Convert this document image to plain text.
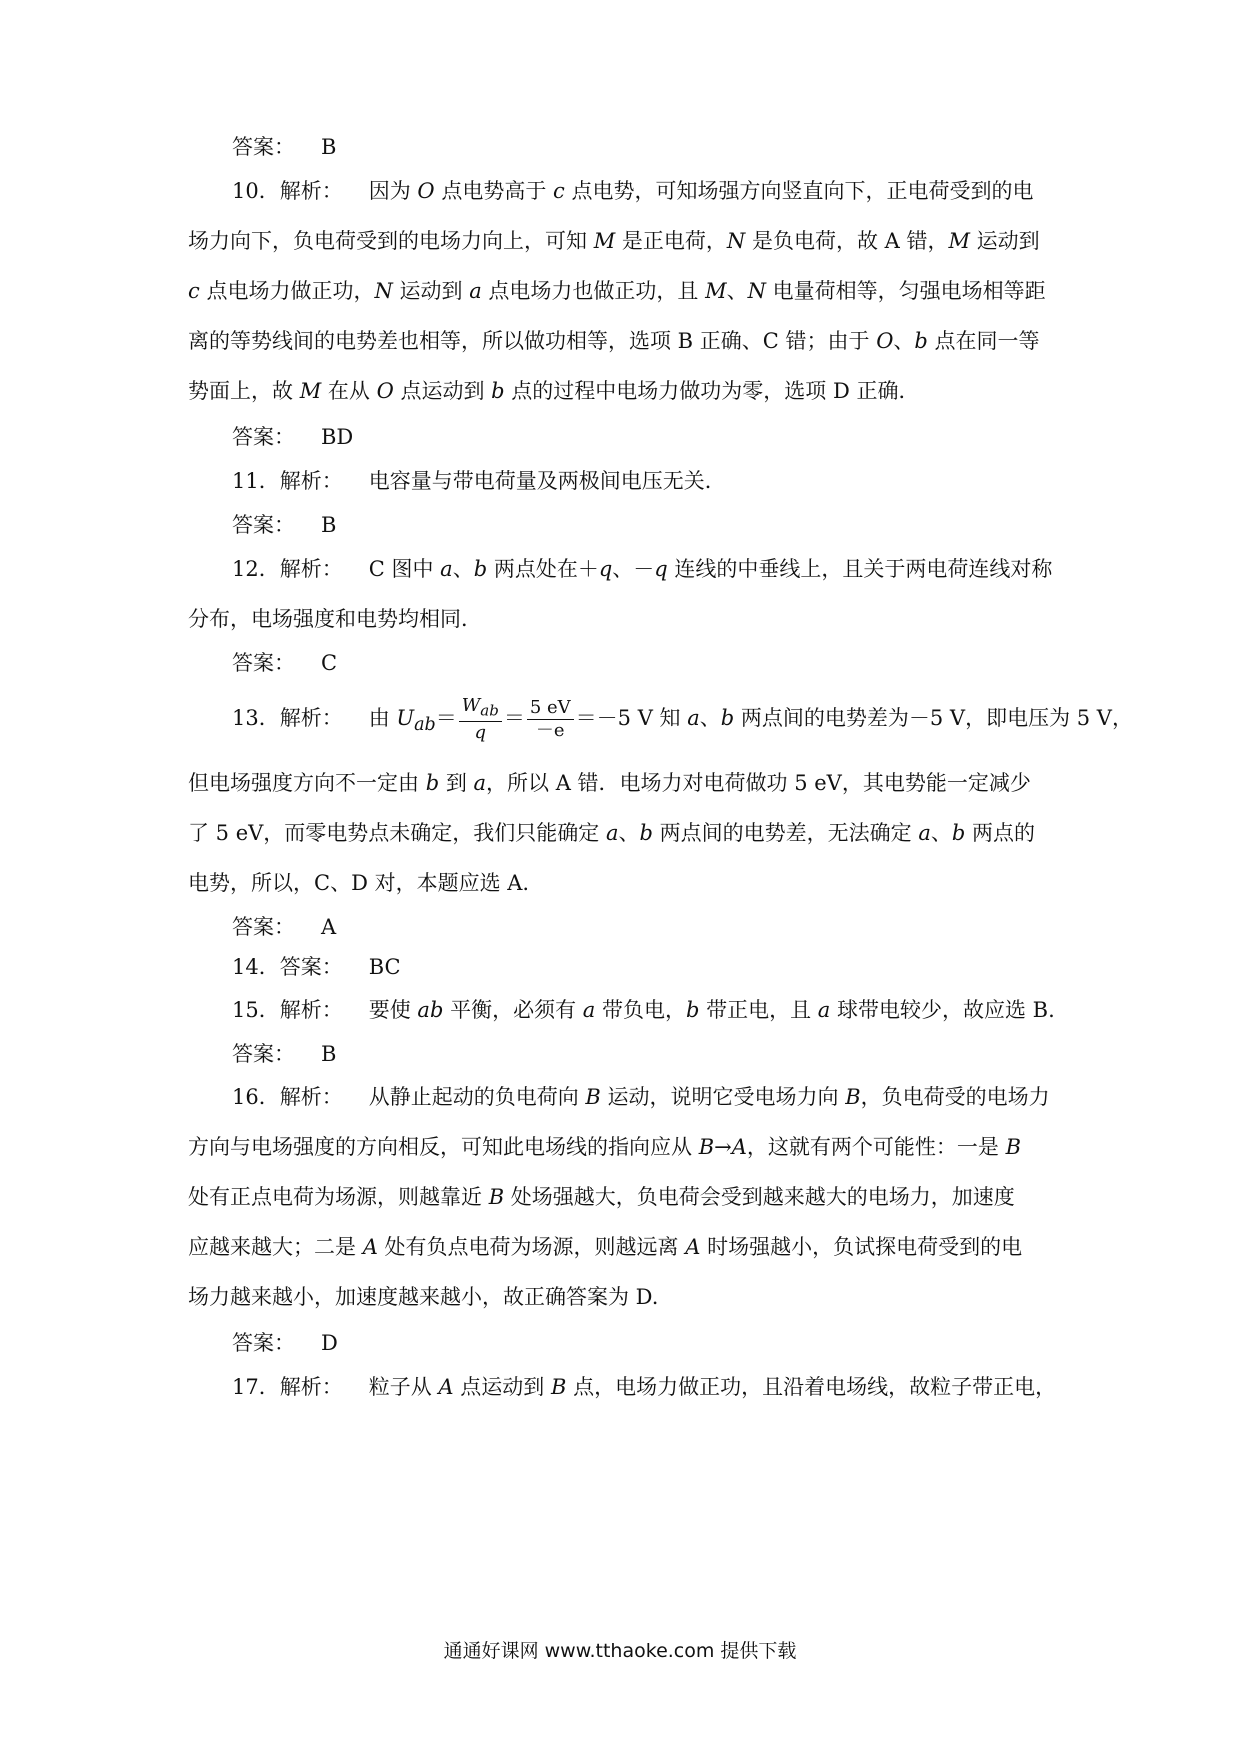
答案： B
10．解析： 因为 O 点电势高于 c 点电势，可知场强方向竖直向下，正电荷受到的电
场力向下，负电荷受到的电场力向上，可知 M 是正电荷，N 是负电荷，故 A 错，M 运动到
c 点电场力做正功，N 运动到 a 点电场力也做正功，且 M、N 电量荷相等，匀强电场相等距
离的等势线间的电势差也相等，所以做功相等，选项 B 正确、C 错；由于 O、b 点在同一等
势面上，故 M 在从 O 点运动到 b 点的过程中电场力做功为零，选项 D 正确．
答案： BD
11．解析： 电容量与带电荷量及两极间电压无关．
答案： B
12．解析： C 图中 a、b 两点处在＋q、－q 连线的中垂线上，且关于两电荷连线对称
分布，电场强度和电势均相同．
答案： C
13．解析： 由 $U_{ab}= \frac{W_{ab}}{q} = \frac{5 eV}{-e} =-5$ V 知 a、b 两点间的电势差为－5 V，即电压为 5 V，
但电场强度方向不一定由 b 到 a，所以 A 错．电场力对电荷做功 5 eV，其电势能一定减少
了 5 eV，而零电势点未确定，我们只能确定 a、b 两点间的电势差，无法确定 a、b 两点的
电势，所以，C、D 对，本题应选 A.
答案： A
14．答案： BC
15．解析： 要使 ab 平衡，必须有 a 带负电，b 带正电，且 a 球带电较少，故应选 B.
答案： B
16．解析： 从静止起动的负电荷向 B 运动，说明它受电场力向 B，负电荷受的电场力
方向与电场强度的方向相反，可知此电场线的指向应从 B→A，这就有两个可能性：一是 B
处有正点电荷为场源，则越靠近 B 处场强越大，负电荷会受到越来越大的电场力，加速度
应越来越大；二是 A 处有负点电荷为场源，则越远离 A 时场强越小，负试探电荷受到的电
场力越来越小，加速度越来越小，故正确答案为 D.
答案： D
17．解析： 粒子从 A 点运动到 B 点，电场力做正功，且沿着电场线，故粒子带正电，
通通好课网 www.tthaoke.com 提供下载
